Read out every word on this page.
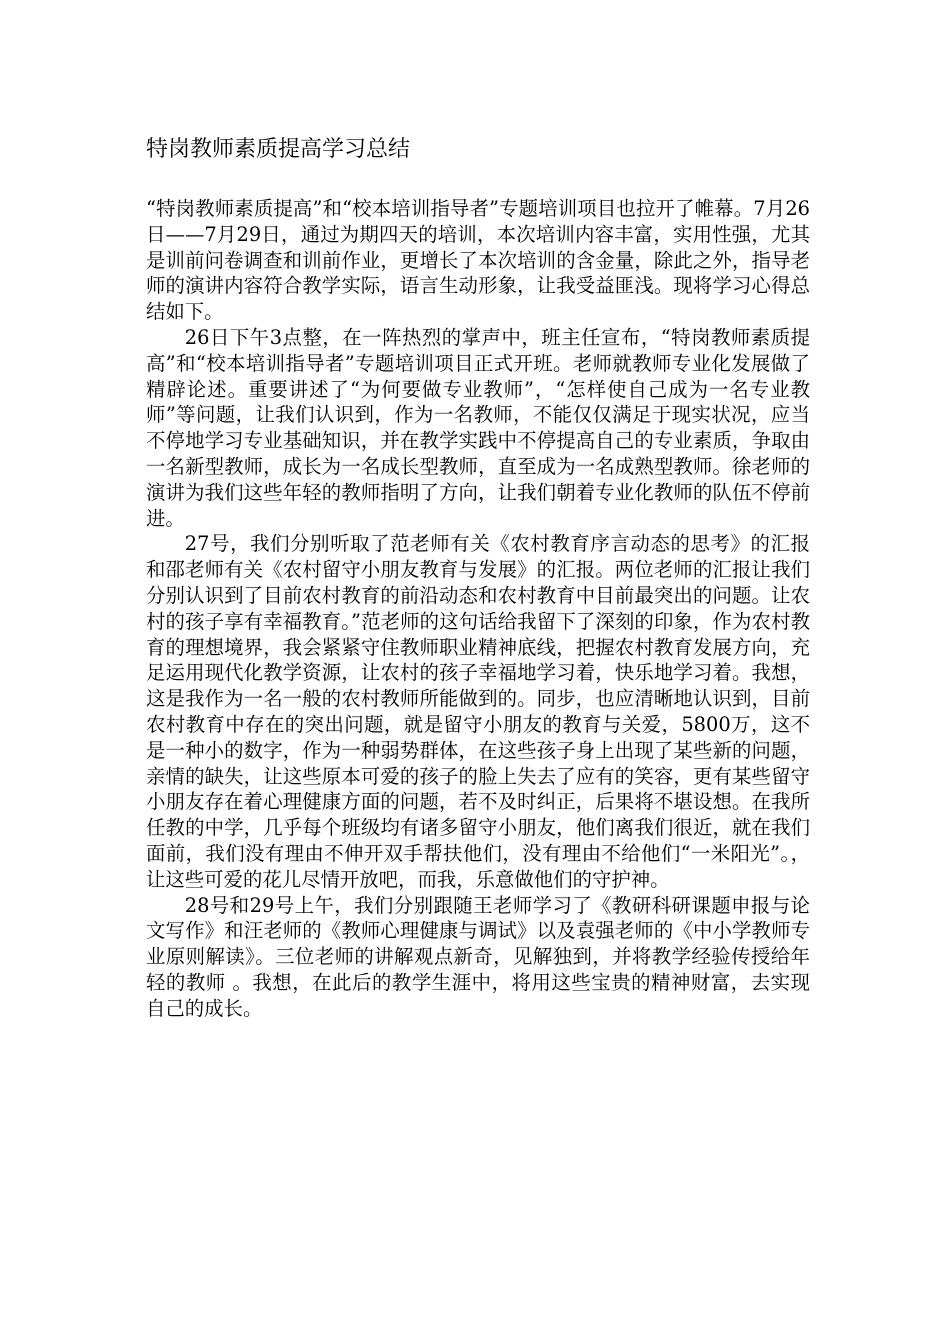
特岗教师素质提高学习总结

“特岗教师素质提高”和“校本培训指导者”专题培训项目也拉开了帷幕。7月26日——7月29日，通过为期四天的培训，本次培训内容丰富，实用性强，尤其是训前问卷调查和训前作业，更增长了本次培训的含金量，除此之外，指导老师的演讲内容符合教学实际，语言生动形象，让我受益匪浅。现将学习心得总结如下。

26日下午3点整，在一阵热烈的掌声中，班主任宣布，“特岗教师素质提高”和“校本培训指导者”专题培训项目正式开班。老师就教师专业化发展做了精辟论述。重要讲述了“为何要做专业教师”，“怎样使自己成为一名专业教师”等问题，让我们认识到，作为一名教师，不能仅仅满足于现实状况，应当不停地学习专业基础知识，并在教学实践中不停提高自己的专业素质，争取由一名新型教师，成长为一名成长型教师，直至成为一名成熟型教师。徐老师的演讲为我们这些年轻的教师指明了方向，让我们朝着专业化教师的队伍不停前进。

27号，我们分别听取了范老师有关《农村教育序言动态的思考》的汇报和邵老师有关《农村留守小朋友教育与发展》的汇报。两位老师的汇报让我们分别认识到了目前农村教育的前沿动态和农村教育中目前最突出的问题。让农村的孩子享有幸福教育。”范老师的这句话给我留下了深刻的印象，作为农村教育的理想境界，我会紧紧守住教师职业精神底线，把握农村教育发展方向，充足运用现代化教学资源，让农村的孩子幸福地学习着，快乐地学习着。我想，这是我作为一名一般的农村教师所能做到的。同步，也应清晰地认识到，目前农村教育中存在的突出问题，就是留守小朋友的教育与关爱，5800万，这不是一种小的数字，作为一种弱势群体，在这些孩子身上出现了某些新的问题，亲情的缺失，让这些原本可爱的孩子的脸上失去了应有的笑容，更有某些留守小朋友存在着心理健康方面的问题，若不及时纠正，后果将不堪设想。在我所任教的中学，几乎每个班级均有诸多留守小朋友，他们离我们很近，就在我们面前，我们没有理由不伸开双手帮扶他们，没有理由不给他们“一米阳光”。，让这些可爱的花儿尽情开放吧，而我，乐意做他们的守护神。

28号和29号上午，我们分别跟随王老师学习了《教研科研课题申报与论文写作》和汪老师的《教师心理健康与调试》以及袁强老师的《中小学教师专业原则解读》。三位老师的讲解观点新奇，见解独到，并将教学经验传授给年轻的教师 。我想，在此后的教学生涯中，将用这些宝贵的精神财富，去实现自己的成长。
